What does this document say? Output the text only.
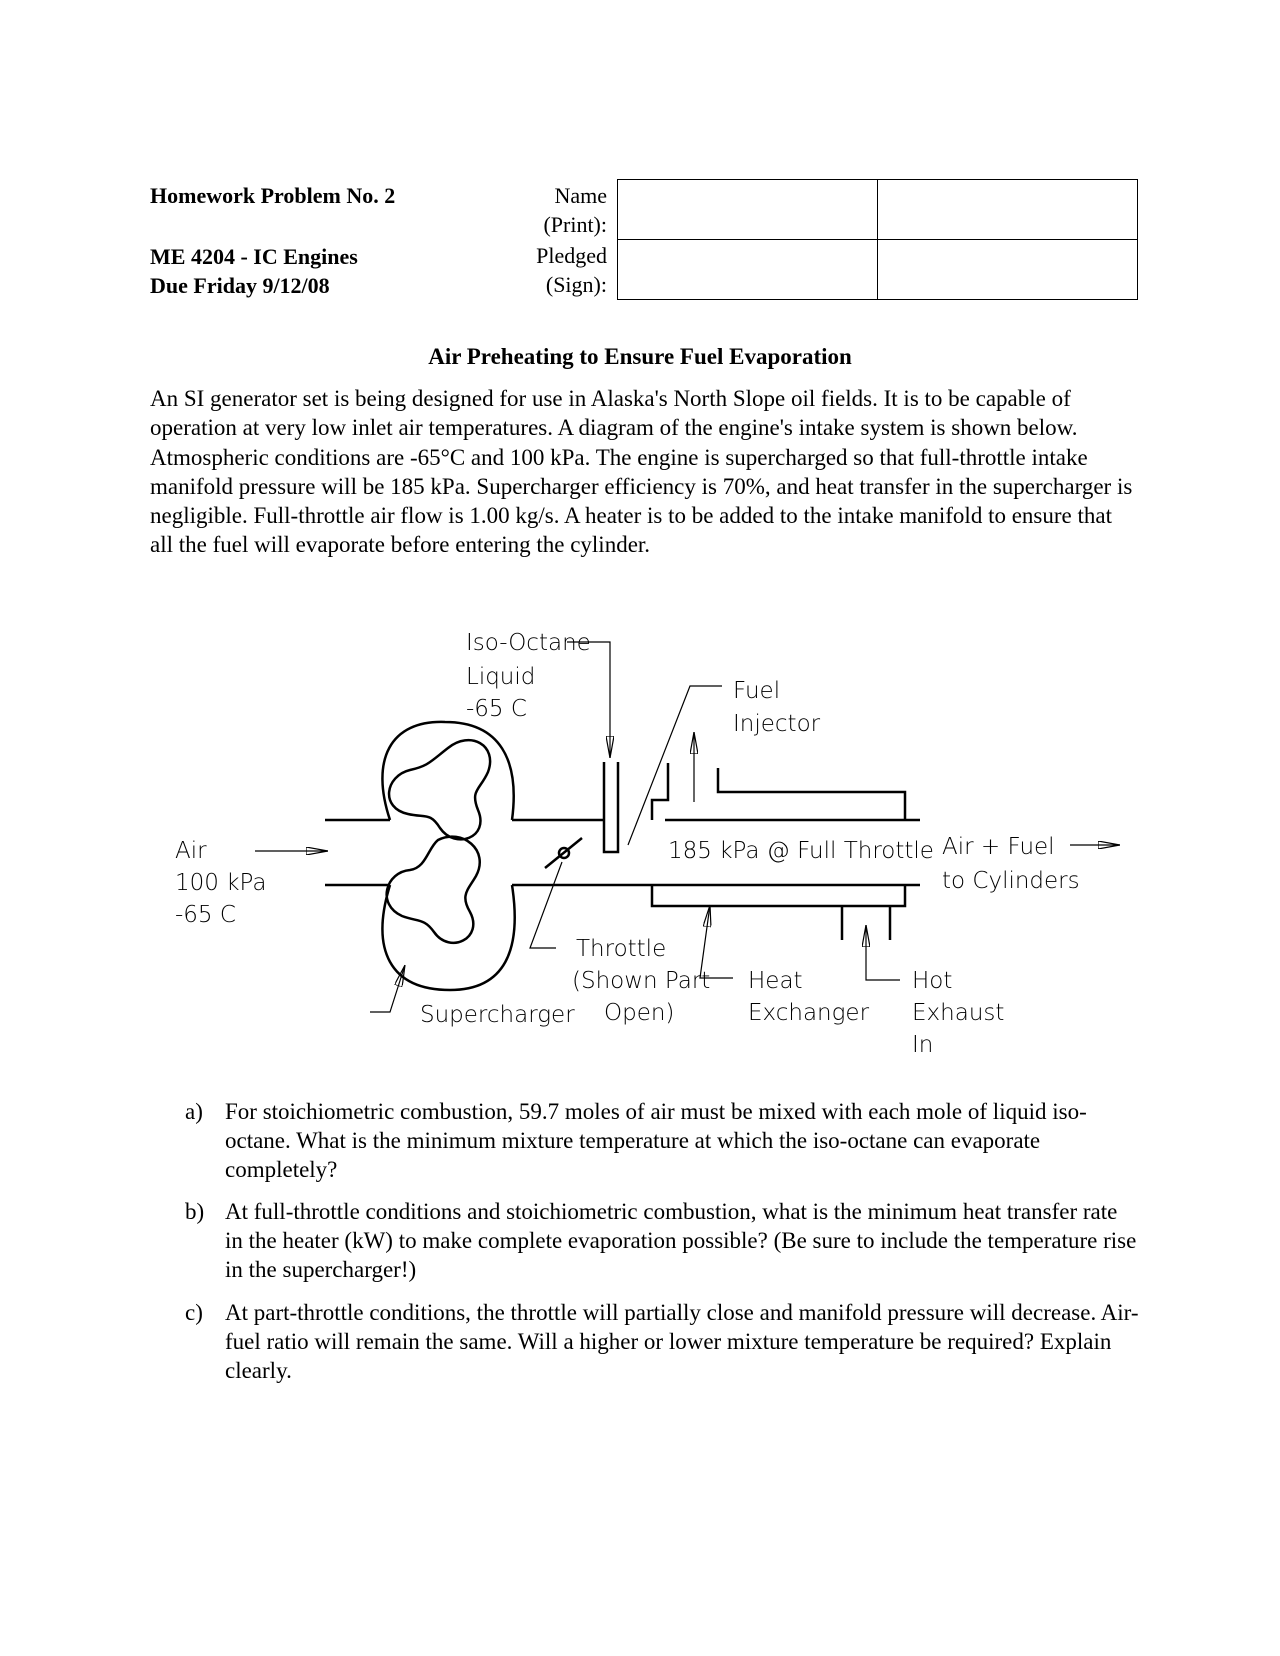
Homework Problem No. 2
ME 4204 - IC Engines
Due Friday 9/12/08
Name
(Print):
Pledged
(Sign):

Air Preheating to Ensure Fuel Evaporation
An SI generator set is being designed for use in Alaska's North Slope oil fields. It is to be capable of operation at very low inlet air temperatures. A diagram of the engine's intake system is shown below. Atmospheric conditions are -65°C and 100 kPa. The engine is supercharged so that full-throttle intake manifold pressure will be 185 kPa. Supercharger efficiency is 70%, and heat transfer in the supercharger is negligible. Full-throttle air flow is 1.00 kg/s. A heater is to be added to the intake manifold to ensure that all the fuel will evaporate before entering the cylinder.
Iso-Octane
Liquid
-65 C
Fuel
Injector
Air
100 kPa
-65 C
185 kPa @ Full Throttle Air + Fuel
to Cylinders
Throttle
(Shown Part
Open)
Heat
Exchanger
Hot
Exhaust
In
Supercharger
a) For stoichiometric combustion, 59.7 moles of air must be mixed with each mole of liquid iso-octane. What is the minimum mixture temperature at which the iso-octane can evaporate completely?
b) At full-throttle conditions and stoichiometric combustion, what is the minimum heat transfer rate in the heater (kW) to make complete evaporation possible? (Be sure to include the temperature rise in the supercharger!)
c) At part-throttle conditions, the throttle will partially close and manifold pressure will decrease. Air-fuel ratio will remain the same. Will a higher or lower mixture temperature be required? Explain clearly.
